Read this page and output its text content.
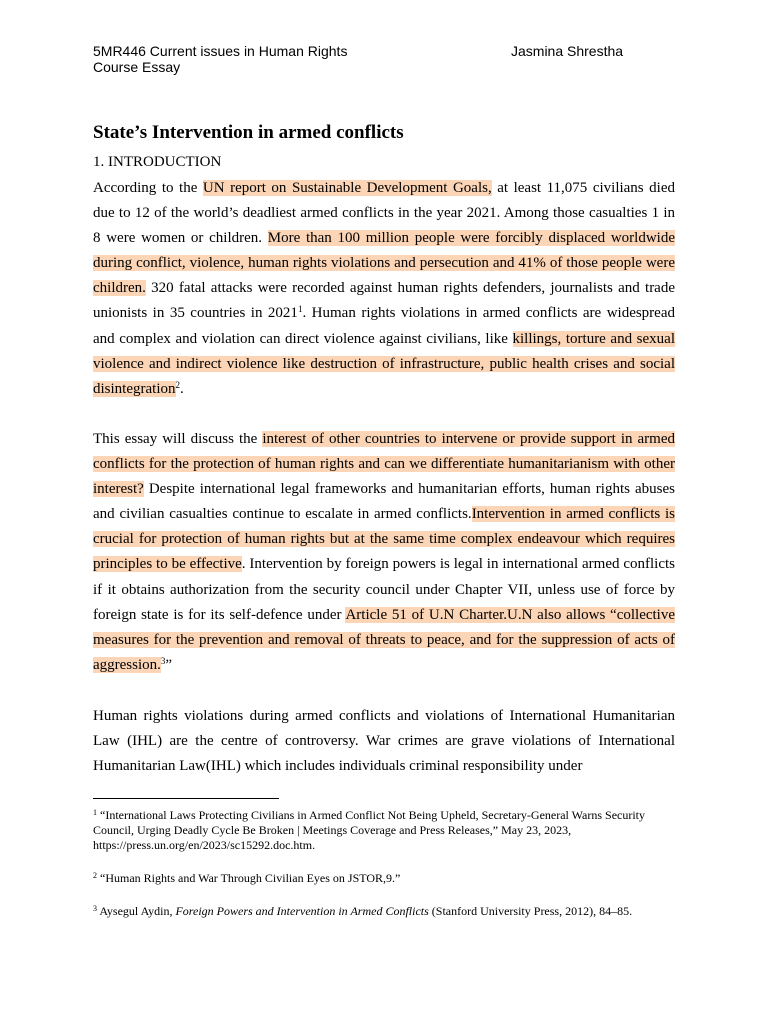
5MR446 Current issues in Human Rights
Course Essay
Jasmina Shrestha
State’s Intervention in armed conflicts
1. INTRODUCTION

According to the UN report on Sustainable Development Goals, at least 11,075 civilians died due to 12 of the world’s deadliest armed conflicts in the year 2021. Among those casualties 1 in 8 were women or children. More than 100 million people were forcibly displaced worldwide during conflict, violence, human rights violations and persecution and 41% of those people were children. 320 fatal attacks were recorded against human rights defenders, journalists and trade unionists in 35 countries in 2021$^1$. Human rights violations in armed conflicts are widespread and complex and violation can direct violence against civilians, like killings, torture and sexual violence and indirect violence like destruction of infrastructure, public health crises and social disintegration$^2$.

This essay will discuss the interest of other countries to intervene or provide support in armed conflicts for the protection of human rights and can we differentiate humanitarianism with other interest? Despite international legal frameworks and humanitarian efforts, human rights abuses and civilian casualties continue to escalate in armed conflicts.Intervention in armed conflicts is crucial for protection of human rights but at the same time complex endeavour which requires principles to be effective. Intervention by foreign powers is legal in international armed conflicts if it obtains authorization from the security council under Chapter VII, unless use of force by foreign state is for its self-defence under Article 51 of U.N Charter.U.N also allows “collective measures for the prevention and removal of threats to peace, and for the suppression of acts of aggression.$^3$”

Human rights violations during armed conflicts and violations of International Humanitarian Law (IHL) are the centre of controversy. War crimes are grave violations of International Humanitarian Law(IHL) which includes individuals criminal responsibility under

$^1$ “International Laws Protecting Civilians in Armed Conflict Not Being Upheld, Secretary-General Warns Security Council, Urging Deadly Cycle Be Broken | Meetings Coverage and Press Releases,” May 23, 2023, https://press.un.org/en/2023/sc15292.doc.htm.
$^2$ “Human Rights and War Through Civilian Eyes on JSTOR,9.”
$^3$ Aysegul Aydin, Foreign Powers and Intervention in Armed Conflicts (Stanford University Press, 2012), 84–85.
